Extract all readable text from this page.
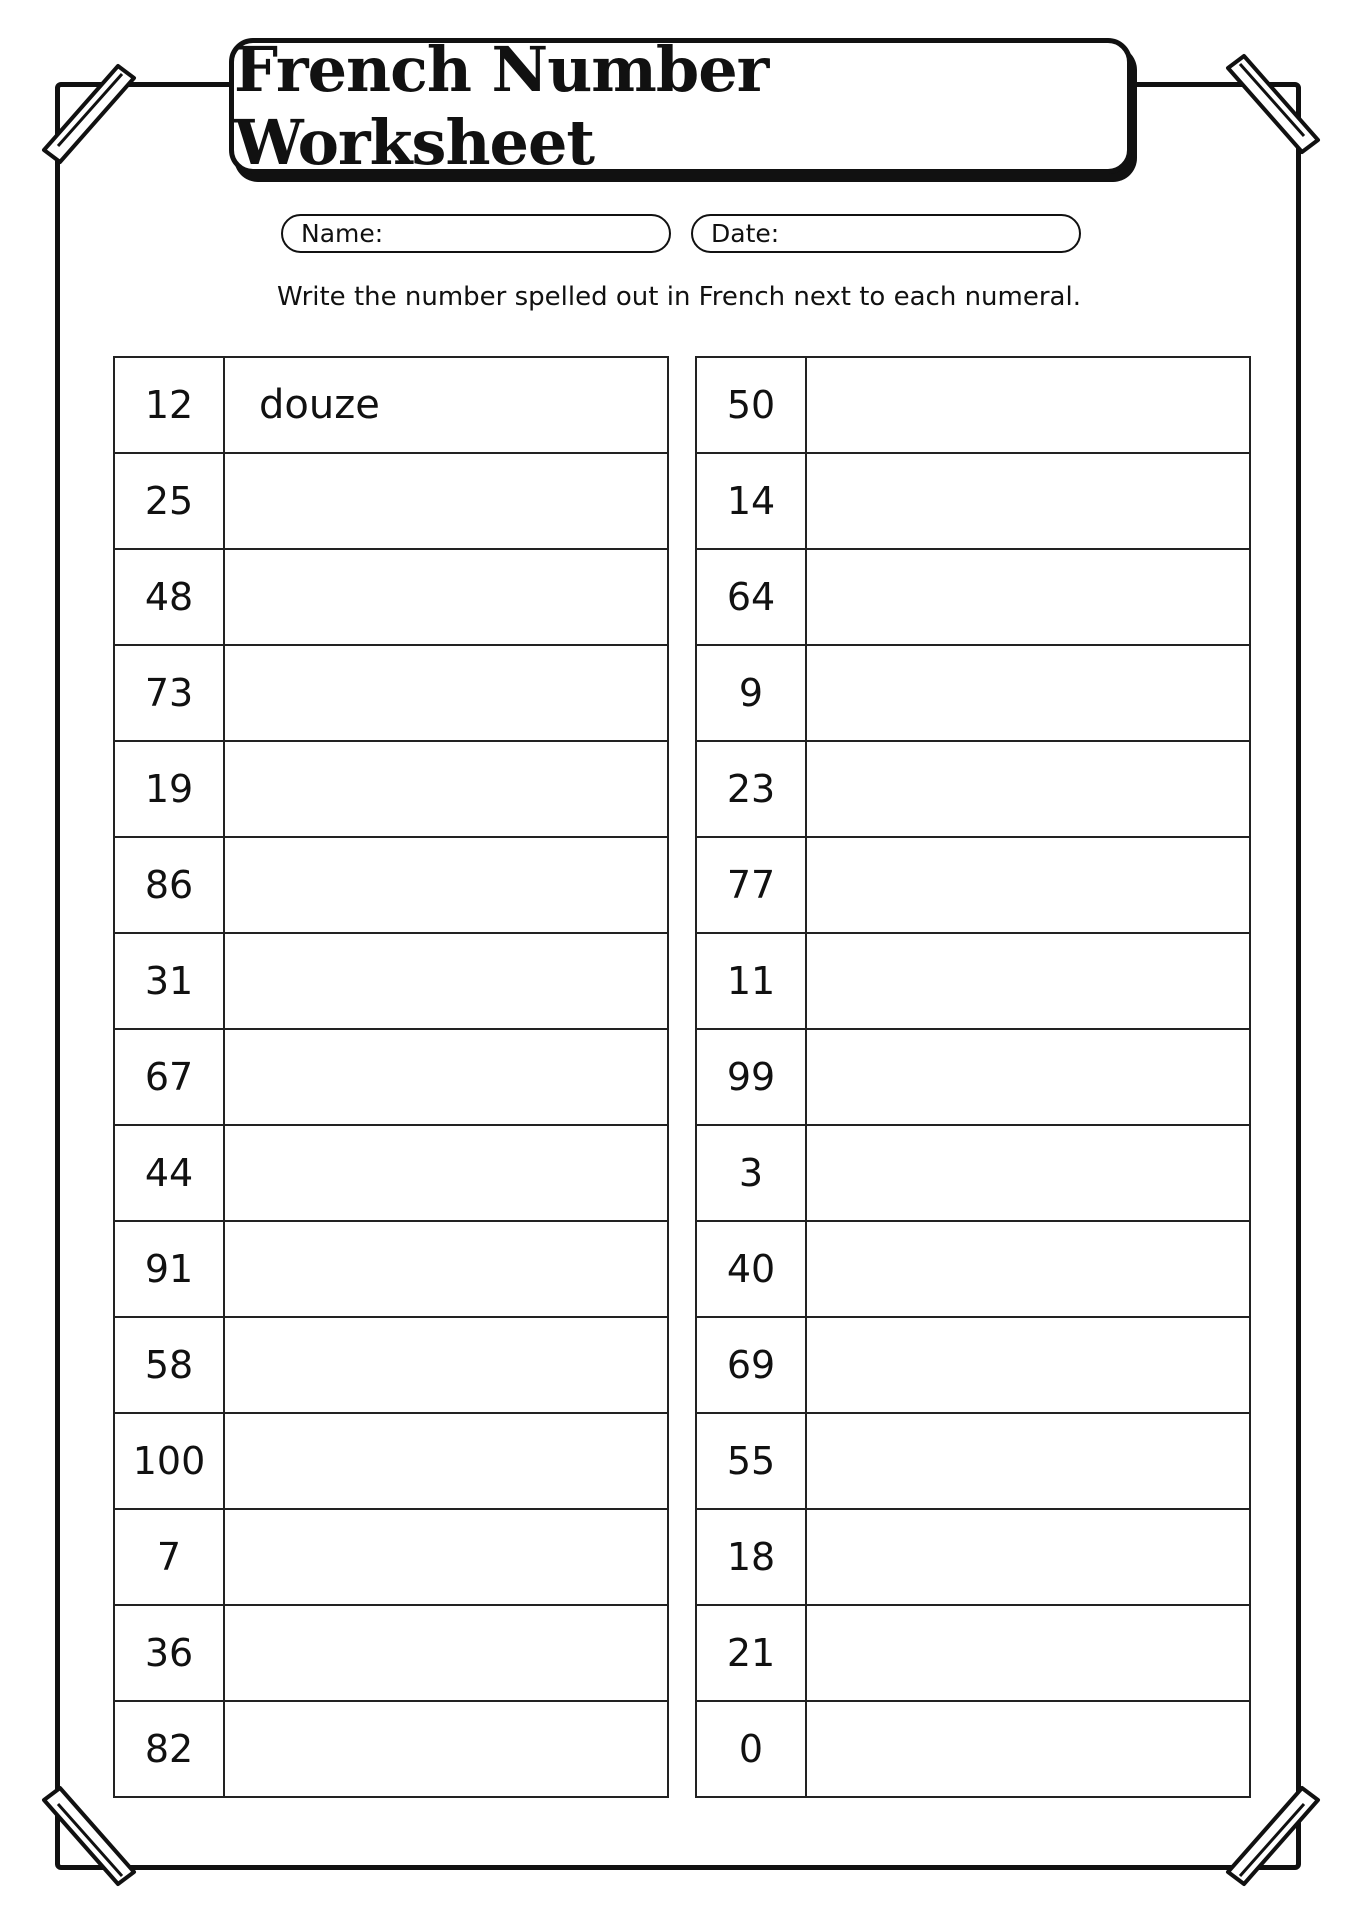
French Number Worksheet
Name:	Date:
Write the number spelled out in French next to each numeral.
12	douze
25	
48	
73	
19	
86	
31	
67	
44	
91	
58	
100	
7	
36	
82	
50	
14	
64	
9	
23	
77	
11	
99	
3	
40	
69	
55	
18	
21	
0	
